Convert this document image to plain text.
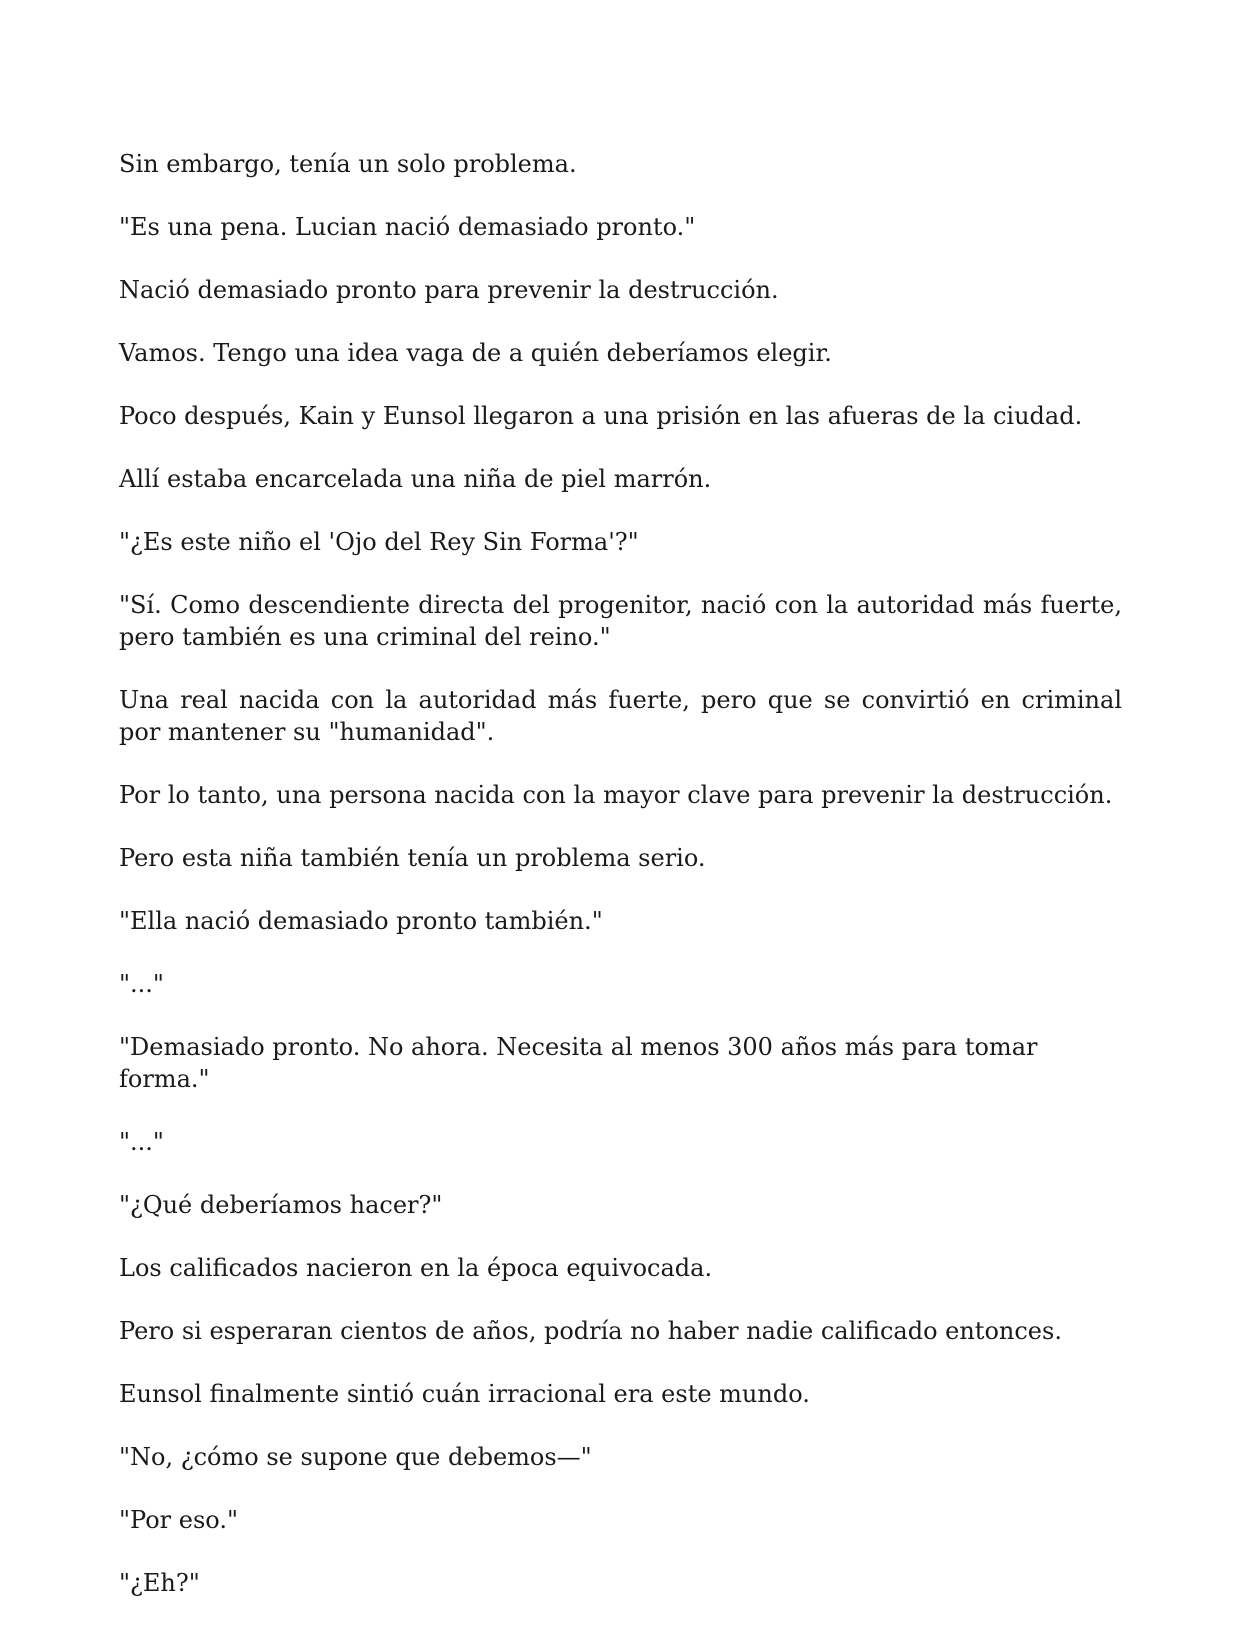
Sin embargo, tenía un solo problema.

"Es una pena. Lucian nació demasiado pronto."

Nació demasiado pronto para prevenir la destrucción.

Vamos. Tengo una idea vaga de a quién deberíamos elegir.

Poco después, Kain y Eunsol llegaron a una prisión en las afueras de la ciudad.

Allí estaba encarcelada una niña de piel marrón.

"¿Es este niño el 'Ojo del Rey Sin Forma'?"

"Sí. Como descendiente directa del progenitor, nació con la autoridad más fuerte, pero también es una criminal del reino."

Una real nacida con la autoridad más fuerte, pero que se convirtió en criminal por mantener su "humanidad".

Por lo tanto, una persona nacida con la mayor clave para prevenir la destrucción.

Pero esta niña también tenía un problema serio.

"Ella nació demasiado pronto también."

"..."

"Demasiado pronto. No ahora. Necesita al menos 300 años más para tomar forma."

"..."

"¿Qué deberíamos hacer?"

Los calificados nacieron en la época equivocada.

Pero si esperaran cientos de años, podría no haber nadie calificado entonces.

Eunsol finalmente sintió cuán irracional era este mundo.

"No, ¿cómo se supone que debemos—"

"Por eso."

"¿Eh?"
